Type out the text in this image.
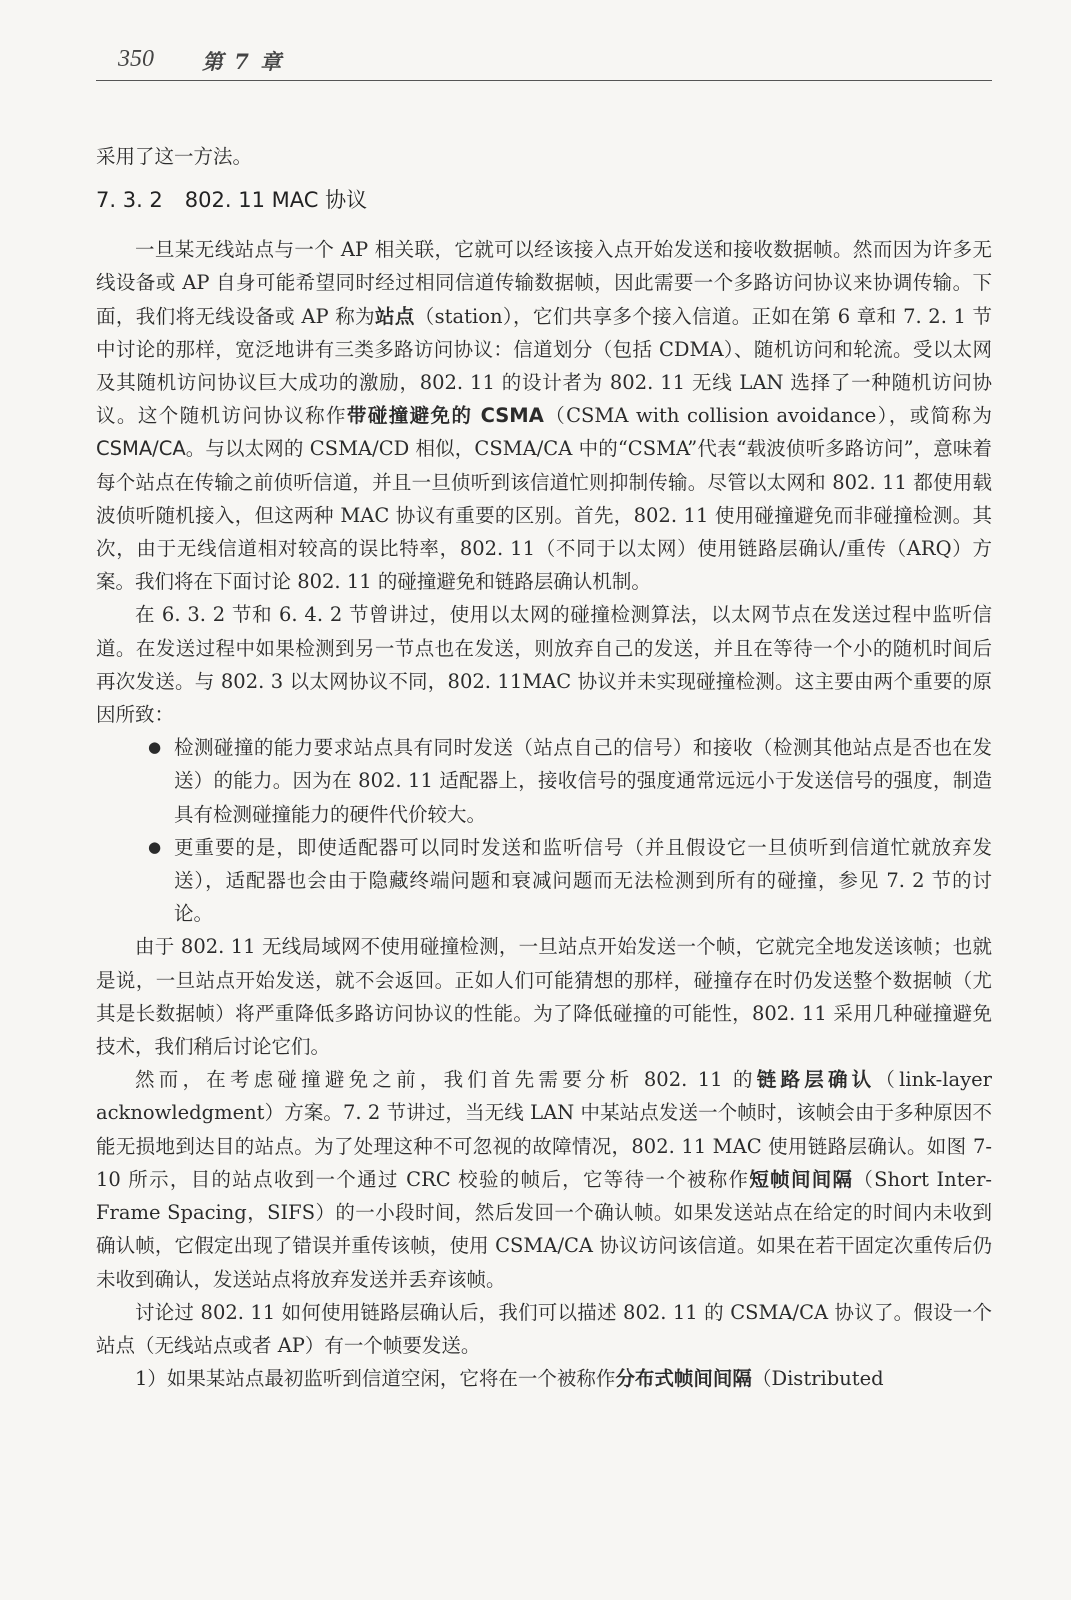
350 第 7 章

采用了这一方法。

7. 3. 2 802. 11 MAC 协议

一旦某无线站点与一个 AP 相关联，它就可以经该接入点开始发送和接收数据帧。然而因为许多无线设备或 AP 自身可能希望同时经过相同信道传输数据帧，因此需要一个多路访问协议来协调传输。下面，我们将无线设备或 AP 称为站点（station），它们共享多个接入信道。正如在第 6 章和 7. 2. 1 节中讨论的那样，宽泛地讲有三类多路访问协议：信道划分（包括 CDMA）、随机访问和轮流。受以太网及其随机访问协议巨大成功的激励，802. 11 的设计者为 802. 11 无线 LAN 选择了一种随机访问协议。这个随机访问协议称作带碰撞避免的 CSMA（CSMA with collision avoidance），或简称为CSMA/CA。与以太网的 CSMA/CD 相似，CSMA/CA 中的“CSMA”代表“载波侦听多路访问”，意味着每个站点在传输之前侦听信道，并且一旦侦听到该信道忙则抑制传输。尽管以太网和 802. 11 都使用载波侦听随机接入，但这两种 MAC 协议有重要的区别。首先，802. 11 使用碰撞避免而非碰撞检测。其次，由于无线信道相对较高的误比特率，802. 11（不同于以太网）使用链路层确认/重传（ARQ）方案。我们将在下面讨论 802. 11 的碰撞避免和链路层确认机制。

在 6. 3. 2 节和 6. 4. 2 节曾讲过，使用以太网的碰撞检测算法，以太网节点在发送过程中监听信道。在发送过程中如果检测到另一节点也在发送，则放弃自己的发送，并且在等待一个小的随机时间后再次发送。与 802. 3 以太网协议不同，802. 11MAC 协议并未实现碰撞检测。这主要由两个重要的原因所致：

● 检测碰撞的能力要求站点具有同时发送（站点自己的信号）和接收（检测其他站点是否也在发送）的能力。因为在 802. 11 适配器上，接收信号的强度通常远远小于发送信号的强度，制造具有检测碰撞能力的硬件代价较大。
● 更重要的是，即使适配器可以同时发送和监听信号（并且假设它一旦侦听到信道忙就放弃发送），适配器也会由于隐藏终端问题和衰减问题而无法检测到所有的碰撞，参见 7. 2 节的讨论。

由于 802. 11 无线局域网不使用碰撞检测，一旦站点开始发送一个帧，它就完全地发送该帧；也就是说，一旦站点开始发送，就不会返回。正如人们可能猜想的那样，碰撞存在时仍发送整个数据帧（尤其是长数据帧）将严重降低多路访问协议的性能。为了降低碰撞的可能性，802. 11 采用几种碰撞避免技术，我们稍后讨论它们。

然而，在考虑碰撞避免之前，我们首先需要分析 802. 11 的链路层确认（link-layer acknowledgment）方案。7. 2 节讲过，当无线 LAN 中某站点发送一个帧时，该帧会由于多种原因不能无损地到达目的站点。为了处理这种不可忽视的故障情况，802. 11 MAC 使用链路层确认。如图 7-10 所示，目的站点收到一个通过 CRC 校验的帧后，它等待一个被称作短帧间间隔（Short Inter-Frame Spacing，SIFS）的一小段时间，然后发回一个确认帧。如果发送站点在给定的时间内未收到确认帧，它假定出现了错误并重传该帧，使用 CSMA/CA 协议访问该信道。如果在若干固定次重传后仍未收到确认，发送站点将放弃发送并丢弃该帧。

讨论过 802. 11 如何使用链路层确认后，我们可以描述 802. 11 的 CSMA/CA 协议了。假设一个站点（无线站点或者 AP）有一个帧要发送。

1）如果某站点最初监听到信道空闲，它将在一个被称作分布式帧间间隔（Distributed
